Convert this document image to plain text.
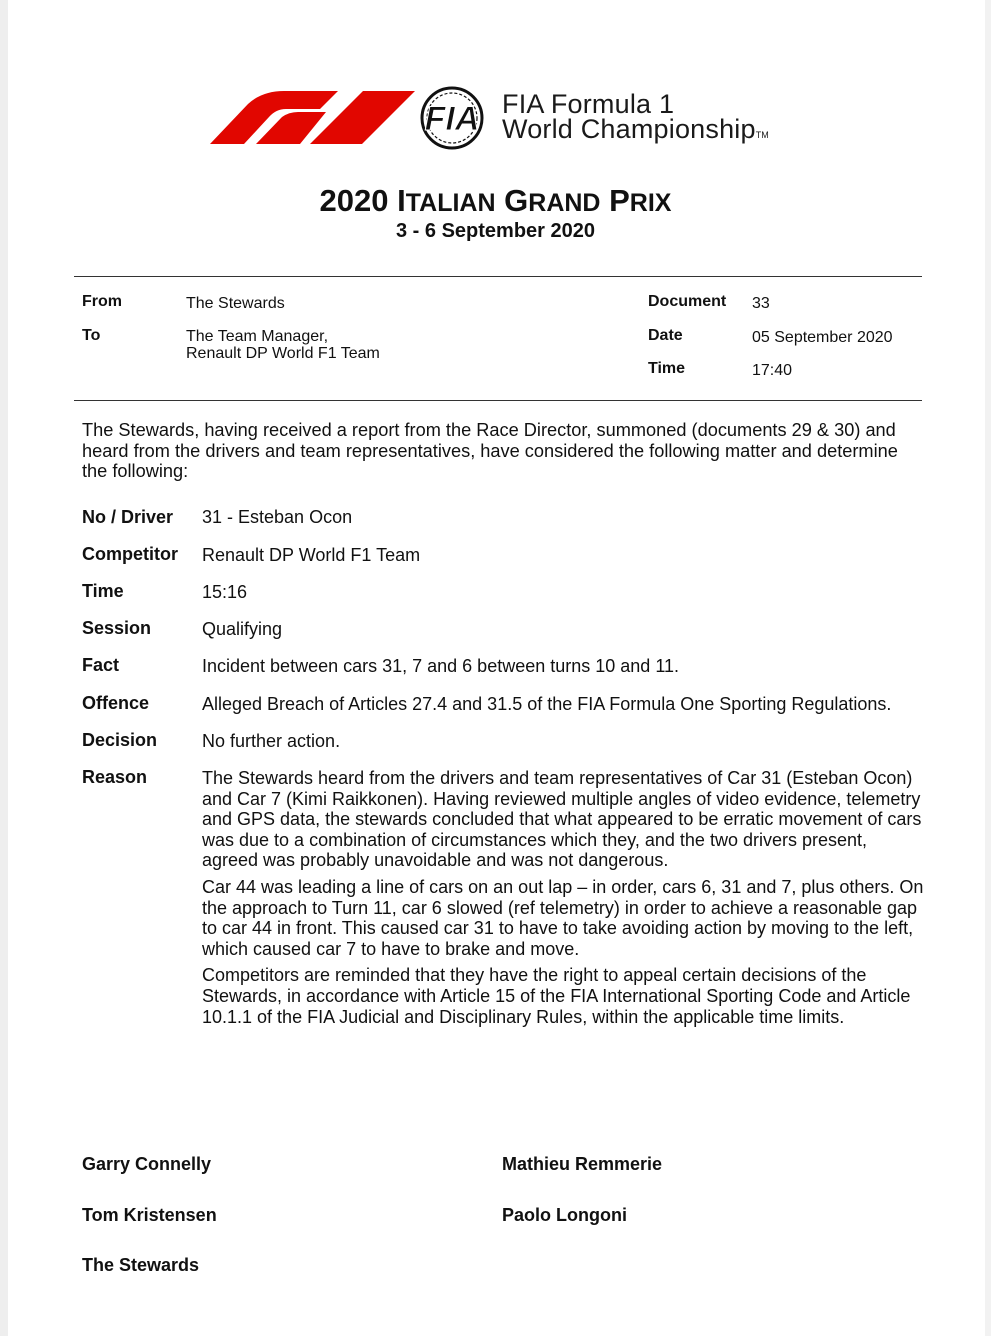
FIA FIA Formula 1
World ChampionshipTM
2020 ITALIAN GRAND PRIX
3 - 6 September 2020
From	The Stewards
To	The Team Manager,
Renault DP World F1 Team
Document 33
Date	05 September 2020
Time	17:40
The Stewards, having received a report from the Race Director, summoned (documents 29 & 30) and heard from the drivers and team representatives, have considered the following matter and determine the following:
No / Driver 31 - Esteban Ocon
Competitor Renault DP World F1 Team
Time	15:16
Session	Qualifying
Fact	Incident between cars 31, 7 and 6 between turns 10 and 11.
Offence	Alleged Breach of Articles 27.4 and 31.5 of the FIA Formula One Sporting Regulations.
Decision No further action.
Reason	The Stewards heard from the drivers and team representatives of Car 31 (Esteban Ocon) and Car 7 (Kimi Raikkonen). Having reviewed multiple angles of video evidence, telemetry and GPS data, the stewards concluded that what appeared to be erratic movement of cars was due to a combination of circumstances which they, and the two drivers present, agreed was probably unavoidable and was not dangerous.

Car 44 was leading a line of cars on an out lap – in order, cars 6, 31 and 7, plus others. On the approach to Turn 11, car 6 slowed (ref telemetry) in order to achieve a reasonable gap to car 44 in front. This caused car 31 to have to take avoiding action by moving to the left, which caused car 7 to have to brake and move.

Competitors are reminded that they have the right to appeal certain decisions of the Stewards, in accordance with Article 15 of the FIA International Sporting Code and Article 10.1.1 of the FIA Judicial and Disciplinary Rules, within the applicable time limits.

Garry Connelly	Mathieu Remmerie
Tom Kristensen	Paolo Longoni
The Stewards
